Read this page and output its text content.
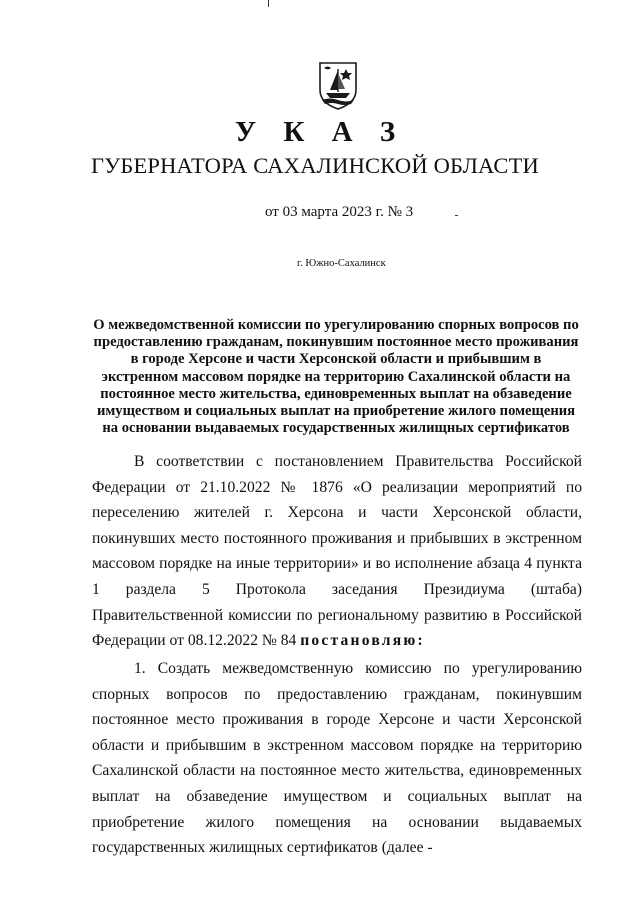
У К А З
ГУБЕРНАТОРА САХАЛИНСКОЙ ОБЛАСТИ
от 03 марта 2023 г. № 3
г. Южно-Сахалинск
О межведомственной комиссии по урегулированию спорных вопросов по предоставлению гражданам, покинувшим постоянное место проживания в городе Херсоне и части Херсонской области и прибывшим в экстренном массовом порядке на территорию Сахалинской области на постоянное место жительства, единовременных выплат на обзаведение имуществом и социальных выплат на приобретение жилого помещения на основании выдаваемых государственных жилищных сертификатов
В соответствии с постановлением Правительства Российской Федерации от 21.10.2022 № 1876 «О реализации мероприятий по переселению жителей г. Херсона и части Херсонской области, покинувших место постоянного проживания и прибывших в экстренном массовом порядке на иные территории» и во исполнение абзаца 4 пункта 1 раздела 5 Протокола заседания Президиума (штаба) Правительственной комиссии по региональному развитию в Российской Федерации от 08.12.2022 № 84 постановляю:
1. Создать межведомственную комиссию по урегулированию спорных вопросов по предоставлению гражданам, покинувшим постоянное место проживания в городе Херсоне и части Херсонской области и прибывшим в экстренном массовом порядке на территорию Сахалинской области на постоянное место жительства, единовременных выплат на обзаведение имуществом и социальных выплат на приобретение жилого помещения на основании выдаваемых государственных жилищных сертификатов (далее -
